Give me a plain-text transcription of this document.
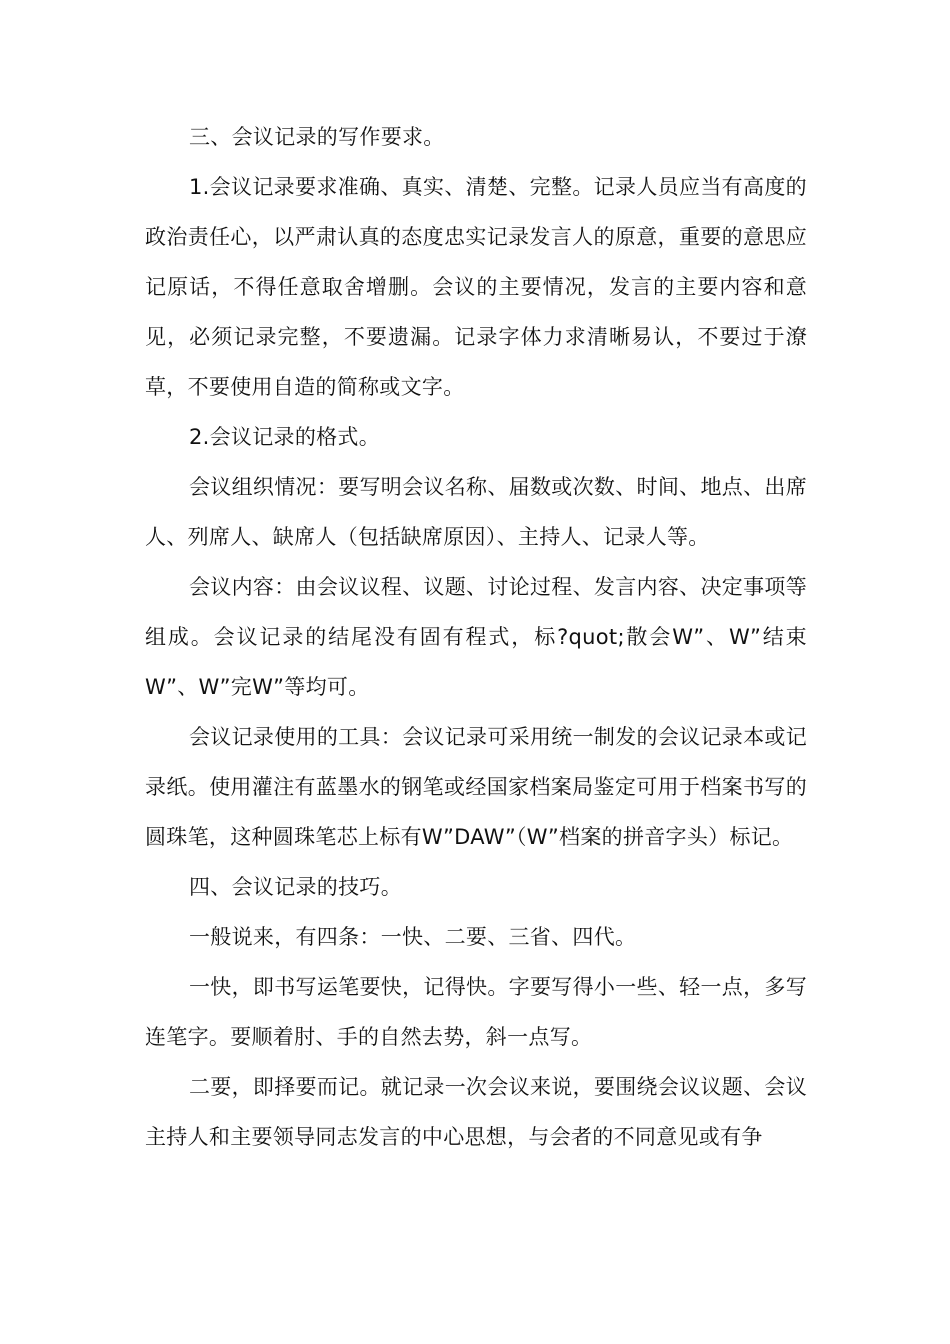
三、会议记录的写作要求。

1.会议记录要求准确、真实、清楚、完整。记录人员应当有高度的政治责任心，以严肃认真的态度忠实记录发言人的原意，重要的意思应记原话，不得任意取舍增删。会议的主要情况，发言的主要内容和意见，必须记录完整，不要遗漏。记录字体力求清晰易认，不要过于潦草，不要使用自造的简称或文字。

2.会议记录的格式。

会议组织情况：要写明会议名称、届数或次数、时间、地点、出席人、列席人、缺席人（包括缺席原因）、主持人、记录人等。

会议内容：由会议议程、议题、讨论过程、发言内容、决定事项等组成。会议记录的结尾没有固有程式，标?quot;散会W”、W”结束W”、W”完W”等均可。

会议记录使用的工具：会议记录可采用统一制发的会议记录本或记录纸。使用灌注有蓝墨水的钢笔或经国家档案局鉴定可用于档案书写的圆珠笔，这种圆珠笔芯上标有W”DAW”（W”档案的拼音字头）标记。

四、会议记录的技巧。

一般说来，有四条：一快、二要、三省、四代。

一快，即书写运笔要快，记得快。字要写得小一些、轻一点，多写连笔字。要顺着肘、手的自然去势，斜一点写。

二要，即择要而记。就记录一次会议来说，要围绕会议议题、会议主持人和主要领导同志发言的中心思想，与会者的不同意见或有争
